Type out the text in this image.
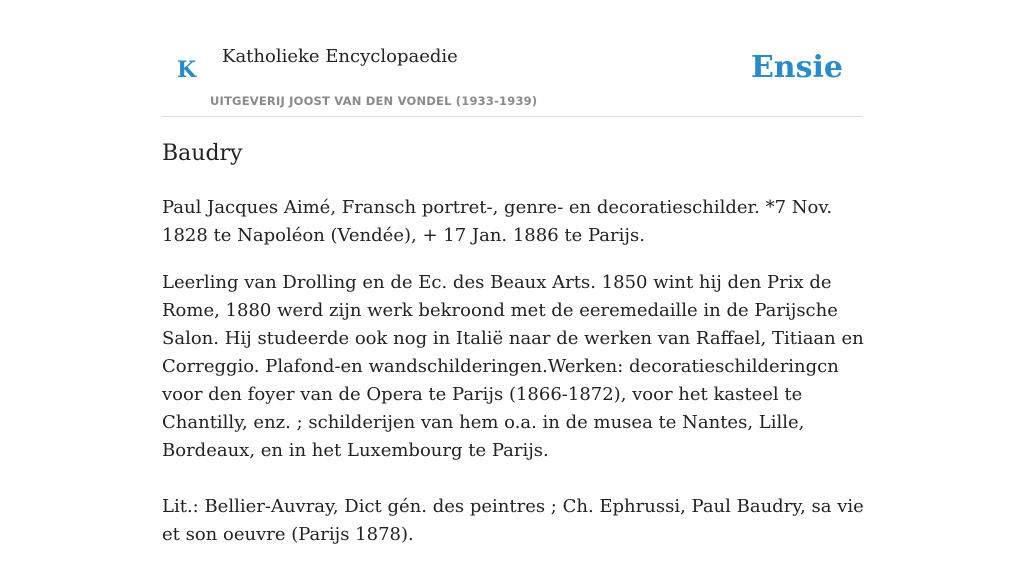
K
Katholieke Encyclopaedie
UITGEVERIJ JOOST VAN DEN VONDEL (1933-1939)
Ensie
Baudry

Paul Jacques Aimé, Fransch portret-, genre- en decoratieschilder. *7 Nov. 1828 te Napoléon (Vendée), + 17 Jan. 1886 te Parijs.

Leerling van Drolling en de Ec. des Beaux Arts. 1850 wint hij den Prix de Rome, 1880 werd zijn werk bekroond met de eeremedaille in de Parijsche Salon. Hij studeerde ook nog in Italië naar de werken van Raffael, Titiaan en Correggio. Plafond-en wandschilderingen.Werken: decoratieschilderingcn voor den foyer van de Opera te Parijs (1866-1872), voor het kasteel te Chantilly, enz. ; schilderijen van hem o.a. in de musea te Nantes, Lille, Bordeaux, en in het Luxembourg te Parijs.

Lit.: Bellier-Auvray, Dict gén. des peintres ; Ch. Ephrussi, Paul Baudry, sa vie et son oeuvre (Parijs 1878).
